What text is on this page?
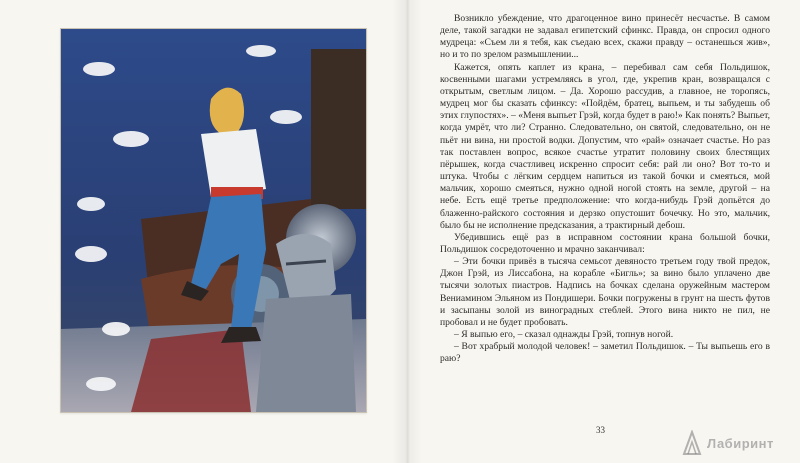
Возникло убеждение, что драгоценное вино принесёт несчастье. В самом деле, такой загадки не задавал египетский сфинкс. Правда, он спросил одного мудреца: «Съем ли я тебя, как съедаю всех, скажи правду – останешься жив», но и то по зрелом размышлении...

Кажется, опять каплет из крана, – перебивал сам себя Польдишок, косвенными шагами устремляясь в угол, где, укрепив кран, возвращался с открытым, светлым лицом. – Да. Хорошо рассудив, а главное, не торопясь, мудрец мог бы сказать сфинксу: «Пойдём, братец, выпьем, и ты забудешь об этих глупостях». – «Меня выпьет Грэй, когда будет в раю!» Как понять? Выпьет, когда умрёт, что ли? Странно. Следовательно, он святой, следовательно, он не пьёт ни вина, ни простой водки. Допустим, что «рай» означает счастье. Но раз так поставлен вопрос, всякое счастье утратит половину своих блестящих пёрышек, когда счастливец искренно спросит себя: рай ли оно? Вот то-то и штука. Чтобы с лёгким сердцем напиться из такой бочки и смеяться, мой мальчик, хорошо смеяться, нужно одной ногой стоять на земле, другой – на небе. Есть ещё третье предположение: что когда-нибудь Грэй допьётся до блаженно-райского состояния и дерзко опустошит бочечку. Но это, мальчик, было бы не исполнение предсказания, а трактирный дебош.

Убедившись ещё раз в исправном состоянии крана большой бочки, Польдишок сосредоточенно и мрачно заканчивал:

– Эти бочки привёз в тысяча семьсот девяносто третьем году твой предок, Джон Грэй, из Лиссабона, на корабле «Бигль»; за вино было уплачено две тысячи золотых пиастров. Надпись на бочках сделана оружейным мастером Вениамином Эльяном из Пондишери. Бочки погружены в грунт на шесть футов и засыпаны золой из виноградных стеблей. Этого вина никто не пил, не пробовал и не будет пробовать.

– Я выпью его, – сказал однажды Грэй, топнув ногой.

– Вот храбрый молодой человек! – заметил Польдишок. – Ты выпьешь его в раю?

33
Лабиринт
